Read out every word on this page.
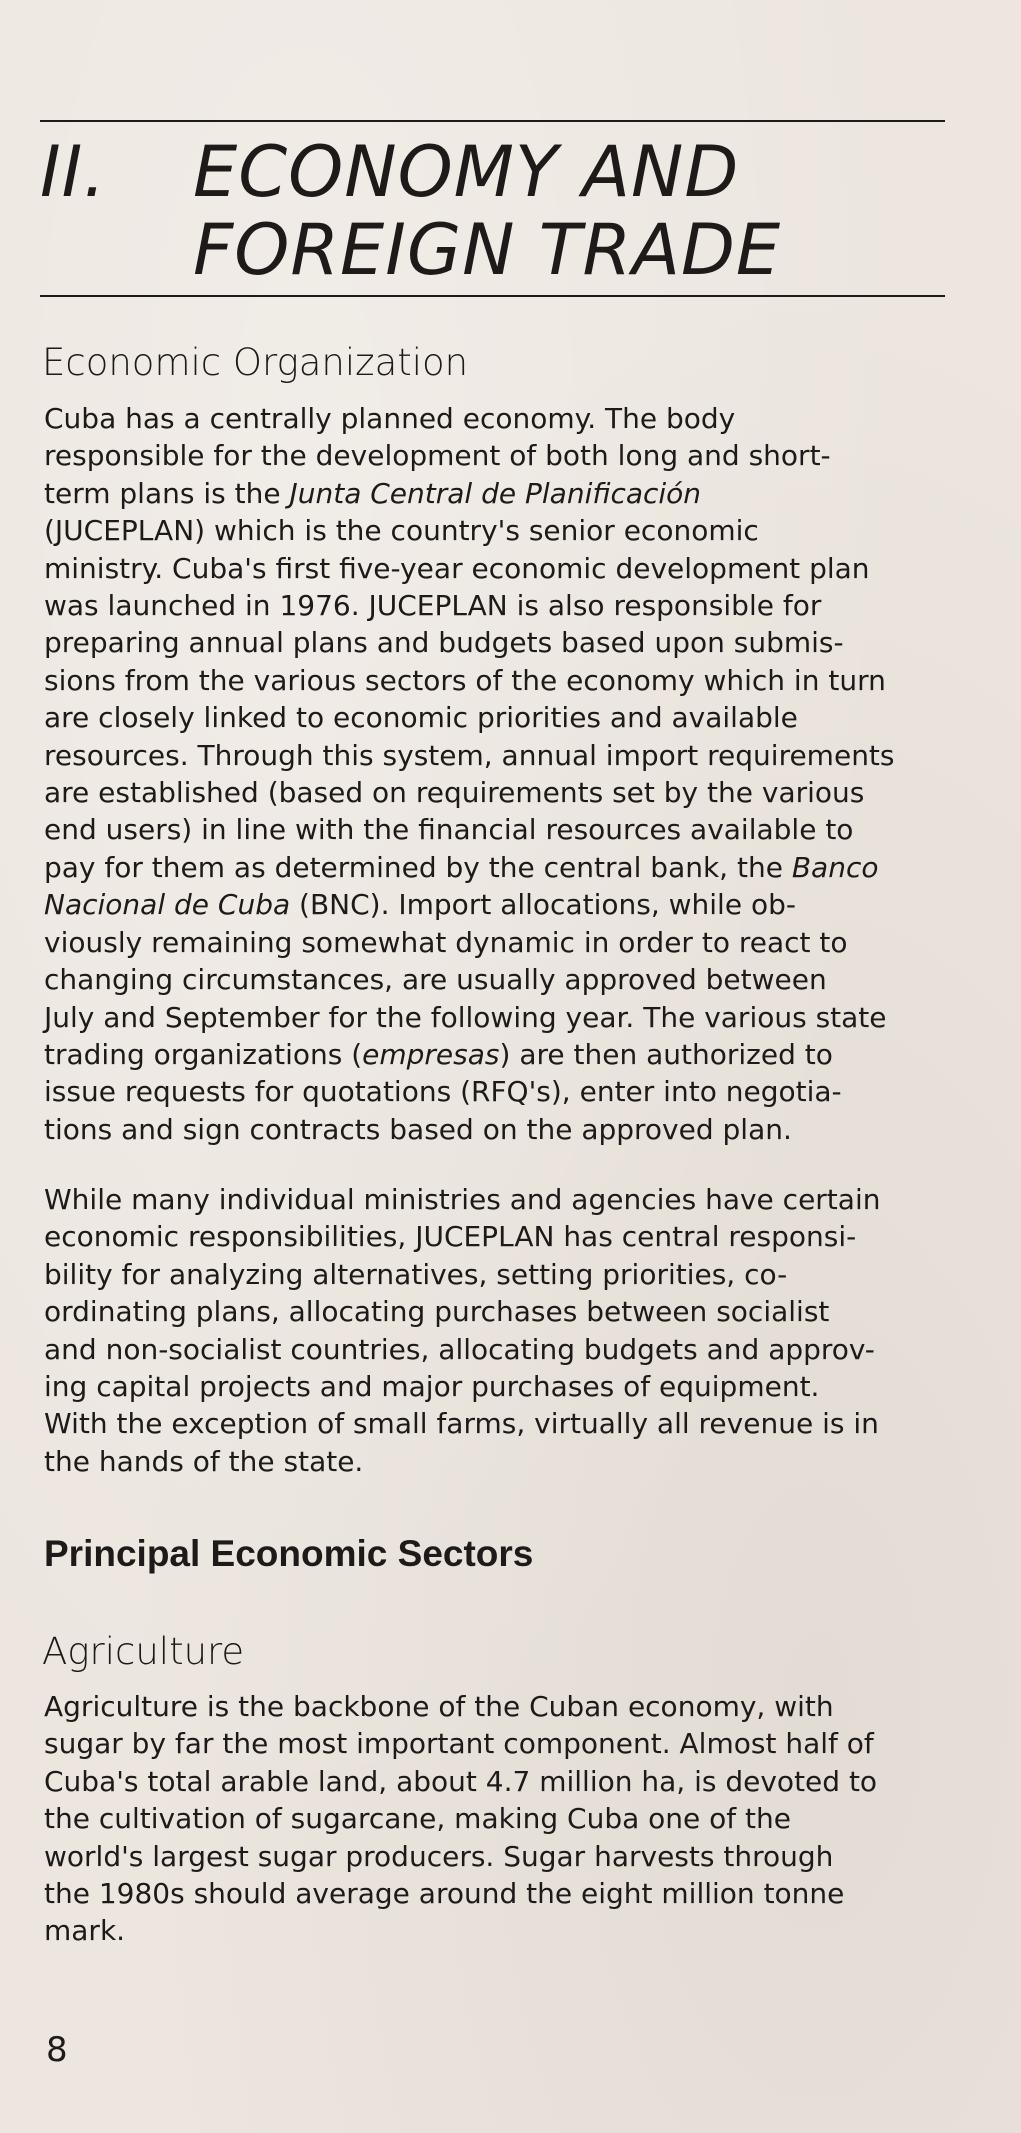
II. ECONOMY AND
FOREIGN TRADE
Economic Organization
Cuba has a centrally planned economy. The body
responsible for the development of both long and short-
term plans is the Junta Central de Planificación
(JUCEPLAN) which is the country's senior economic
ministry. Cuba's first five-year economic development plan
was launched in 1976. JUCEPLAN is also responsible for
preparing annual plans and budgets based upon submis-
sions from the various sectors of the economy which in turn
are closely linked to economic priorities and available
resources. Through this system, annual import requirements
are established (based on requirements set by the various
end users) in line with the financial resources available to
pay for them as determined by the central bank, the Banco
Nacional de Cuba (BNC). Import allocations, while ob-
viously remaining somewhat dynamic in order to react to
changing circumstances, are usually approved between
July and September for the following year. The various state
trading organizations (empresas) are then authorized to
issue requests for quotations (RFQ's), enter into negotia-
tions and sign contracts based on the approved plan.
While many individual ministries and agencies have certain
economic responsibilities, JUCEPLAN has central responsi-
bility for analyzing alternatives, setting priorities, co-
ordinating plans, allocating purchases between socialist
and non-socialist countries, allocating budgets and approv-
ing capital projects and major purchases of equipment.
With the exception of small farms, virtually all revenue is in
the hands of the state.
Principal Economic Sectors
Agriculture
Agriculture is the backbone of the Cuban economy, with
sugar by far the most important component. Almost half of
Cuba's total arable land, about 4.7 million ha, is devoted to
the cultivation of sugarcane, making Cuba one of the
world's largest sugar producers. Sugar harvests through
the 1980s should average around the eight million tonne
mark.
8
